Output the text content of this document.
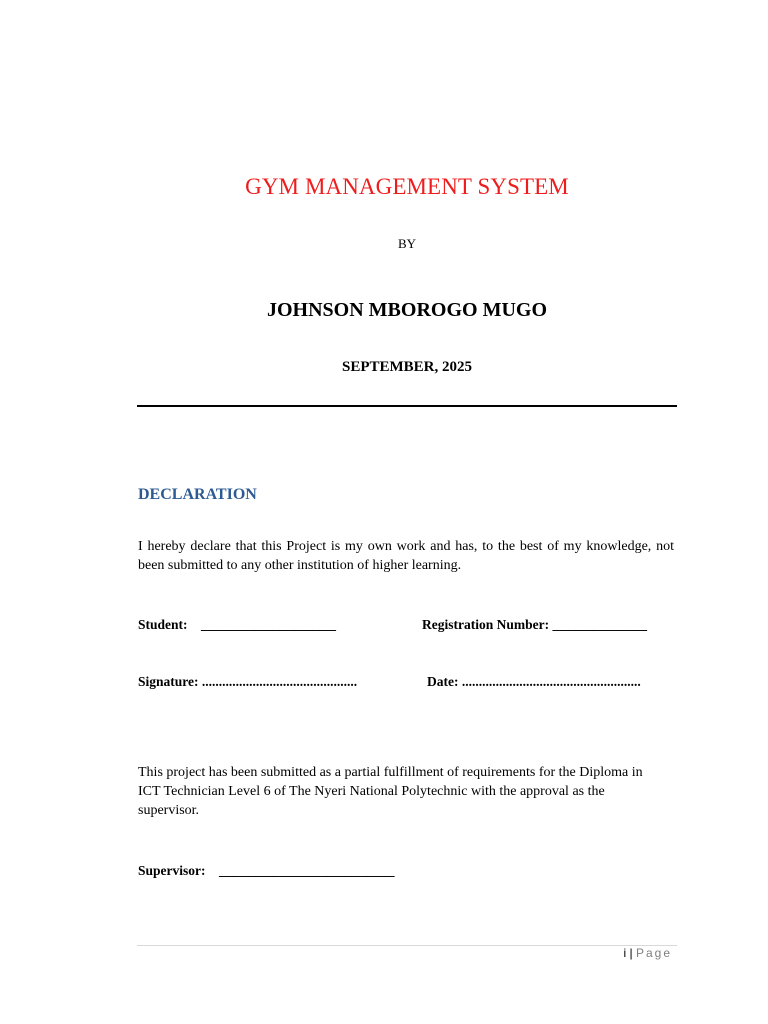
GYM MANAGEMENT SYSTEM
BY
JOHNSON MBOROGO MUGO
SEPTEMBER, 2025
DECLARATION
I hereby declare that this Project is my own work and has, to the best of my knowledge, not been submitted to any other institution of higher learning.
Student:    ____________________	Registration Number: ______________
Signature: ..............................................	Date: .....................................................
This project has been submitted as a partial fulfillment of requirements for the Diploma in ICT Technician Level 6 of The Nyeri National Polytechnic with the approval as the supervisor.
Supervisor:    __________________________
i | Page
